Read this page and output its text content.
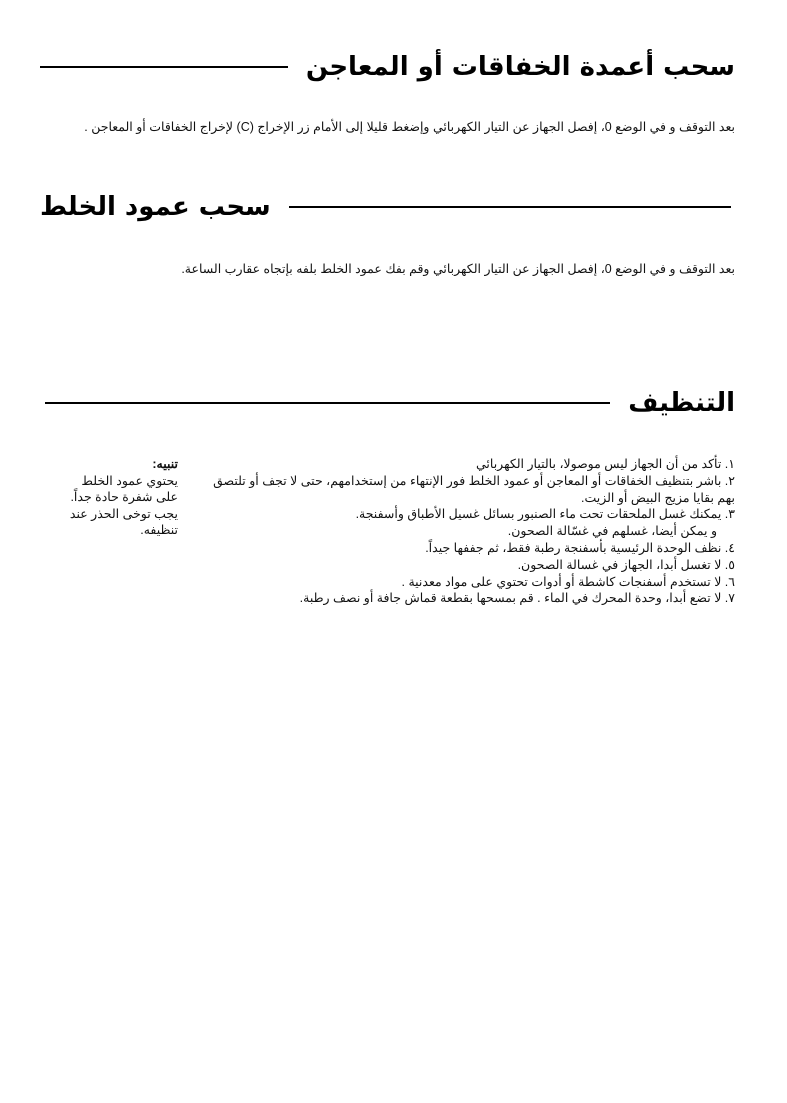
سحب أعمدة الخفاقات أو المعاجن
بعد التوقف و في الوضع 0، إفصل الجهاز عن التيار الكهربائي وإضغط قليلا إلى الأمام زر الإخراج (C) لإخراج الخفاقات أو المعاجن .
سحب عمود الخلط
بعد التوقف و في الوضع 0، إفصل الجهاز عن التيار الكهربائي وقم بفك عمود الخلط بلفه بإتجاه عقارب الساعة.
التنظيف
١. تأكد من أن الجهاز ليس موصولا، بالتيار الكهربائي
٢. باشر بتنظيف الخفاقات أو المعاجن أو عمود الخلط فور الإنتهاء من إستخدامهم، حتى لا تجف أو تلتصق بهم بقايا مزيج البيض أو الزيت.
٣. يمكنك غسل الملحقات تحت ماء الصنبور بسائل غسيل الأطباق وأسفنجة.
و يمكن أيضا، غسلهم في غسّالة الصحون.
٤. نظف الوحدة الرئيسية بأسفنجة رطبة فقط، ثم جففها جيداً.
٥. لا تغسل أبدا، الجهاز في غسالة الصحون.
٦. لا تستخدم أسفنجات كاشطة أو أدوات تحتوي على مواد معدنية .
٧. لا تضع أبدا، وحدة المحرك في الماء . قم بمسحها بقطعة قماش جافة أو نصف رطبة.
تنبيه:
يحتوي عمود الخلط
على شفرة حادة جداً.
يجب توخى الحذر عند
تنظيفه.
